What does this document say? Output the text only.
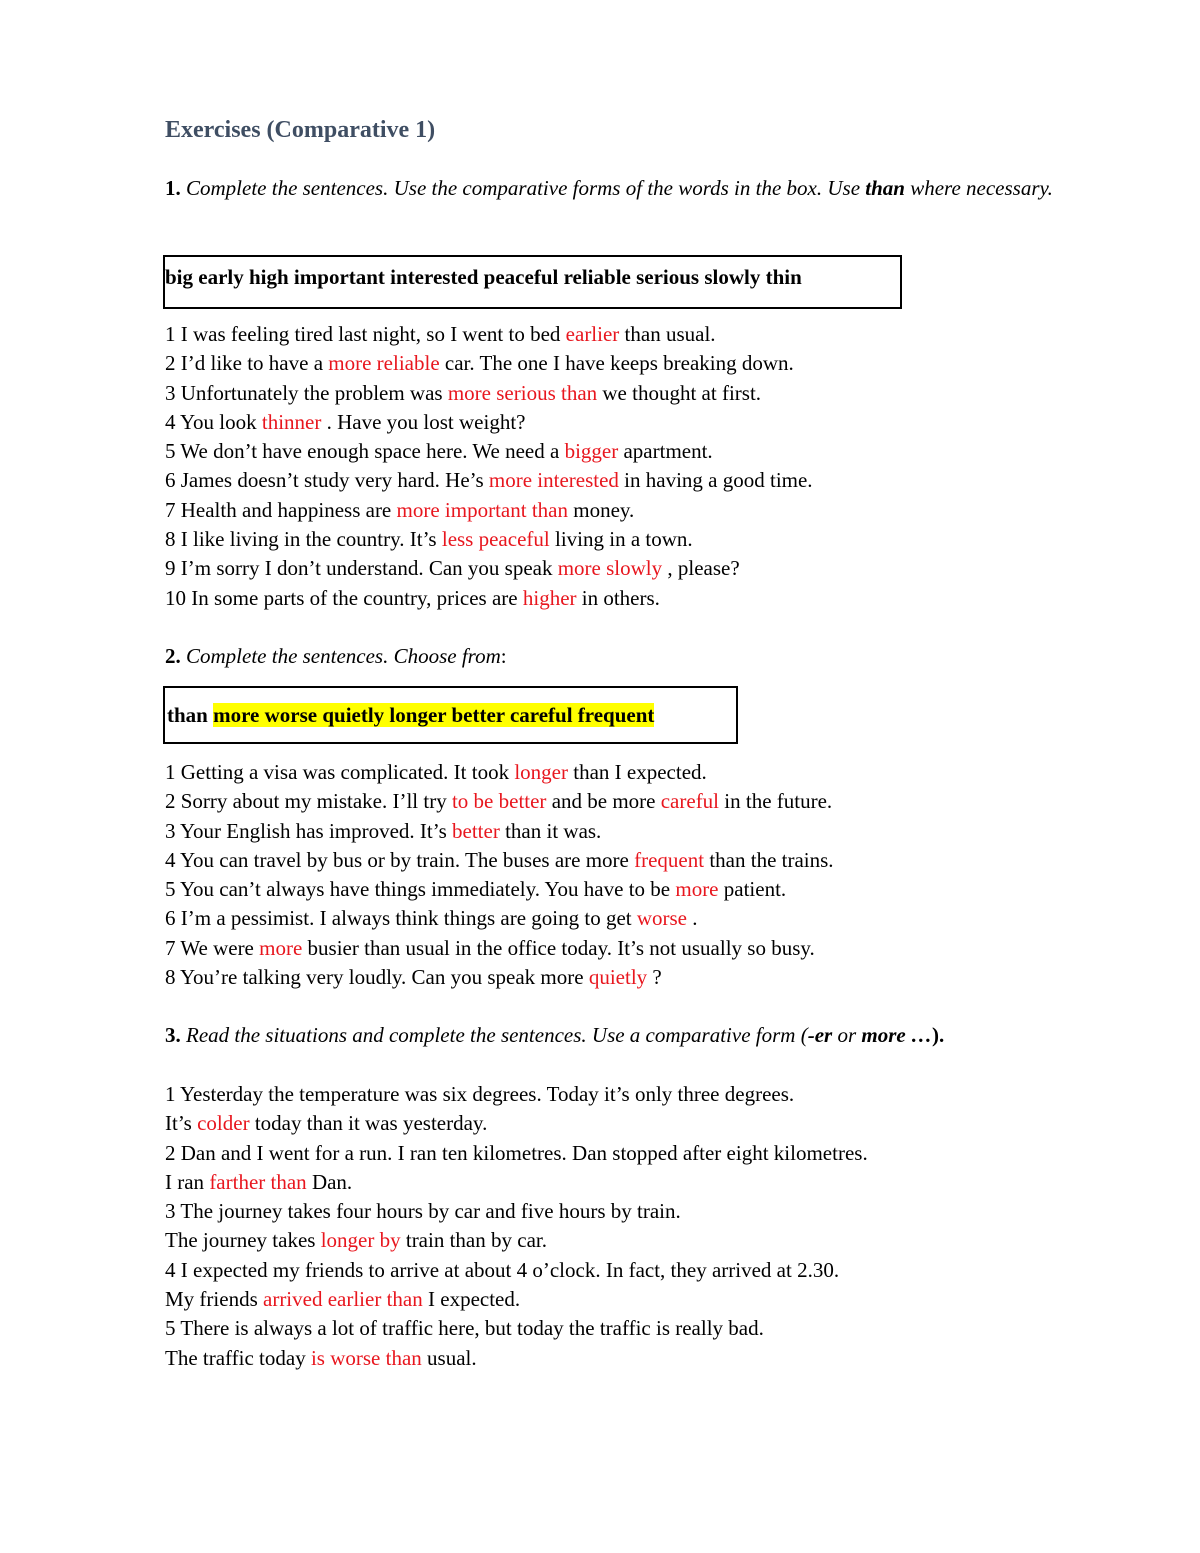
Exercises (Comparative 1)
1. Complete the sentences. Use the comparative forms of the words in the box. Use than where necessary.
big early high important interested peaceful reliable serious slowly thin
1 I was feeling tired last night, so I went to bed earlier than usual.
2 I’d like to have a more reliable car. The one I have keeps breaking down.
3 Unfortunately the problem was more serious than we thought at first.
4 You look thinner . Have you lost weight?
5 We don’t have enough space here. We need a bigger apartment.
6 James doesn’t study very hard. He’s more interested in having a good time.
7 Health and happiness are more important than money.
8 I like living in the country. It’s less peaceful living in a town.
9 I’m sorry I don’t understand. Can you speak more slowly , please?
10 In some parts of the country, prices are higher in others.
2. Complete the sentences. Choose from:
than more worse quietly longer better careful frequent
1 Getting a visa was complicated. It took longer than I expected.
2 Sorry about my mistake. I’ll try to be better and be more careful in the future.
3 Your English has improved. It’s better than it was.
4 You can travel by bus or by train. The buses are more frequent than the trains.
5 You can’t always have things immediately. You have to be more patient.
6 I’m a pessimist. I always think things are going to get worse .
7 We were more busier than usual in the office today. It’s not usually so busy.
8 You’re talking very loudly. Can you speak more quietly ?
3. Read the situations and complete the sentences. Use a comparative form (-er or more …).
1 Yesterday the temperature was six degrees. Today it’s only three degrees.
It’s colder today than it was yesterday.
2 Dan and I went for a run. I ran ten kilometres. Dan stopped after eight kilometres.
I ran farther than Dan.
3 The journey takes four hours by car and five hours by train.
The journey takes longer by train than by car.
4 I expected my friends to arrive at about 4 o’clock. In fact, they arrived at 2.30.
My friends arrived earlier than I expected.
5 There is always a lot of traffic here, but today the traffic is really bad.
The traffic today is worse than usual.
